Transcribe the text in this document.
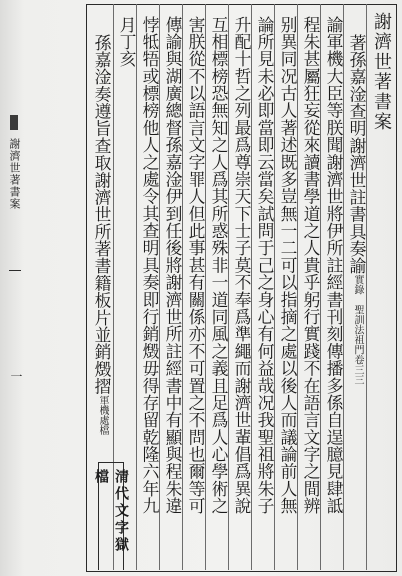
謝濟世著書案
一
謝濟世著書案
著孫嘉淦查明謝濟世註書具奏諭實錄　聖訓法祖門卷三三
諭軍機大臣等朕聞謝濟世將伊所註經書刊刻傳播多係自逞臆見肆詆
程朱甚屬狂妄從來讀書學道之人貴乎躬行實踐不在語言文字之間辨
别異同况古人著述既多豈無一二可以指摘之處以後人而議論前人無
論所見未必即當即云當矣試問于己之身心有何益哉况我聖祖將朱子
升配十哲之列最爲尊崇天下士子莫不奉爲準繩而謝濟世輩倡爲異說
互相標榜恐無知之人爲其所惑殊非一道同風之義且足爲人心學術之
害朕從不以語言文字罪人但此事甚有關係亦不可置之不問也爾等可
傳諭與湖廣總督孫嘉淦伊到任後將謝濟世所註經書中有顯與程朱違
悖牴牾或標榜他人之處令其查明具奏即行銷燬毋得存留乾隆六年九
月丁亥
孫嘉淦奏遵旨查取謝濟世所著書籍板片並銷燬摺軍機處檔
清代文字獄檔
